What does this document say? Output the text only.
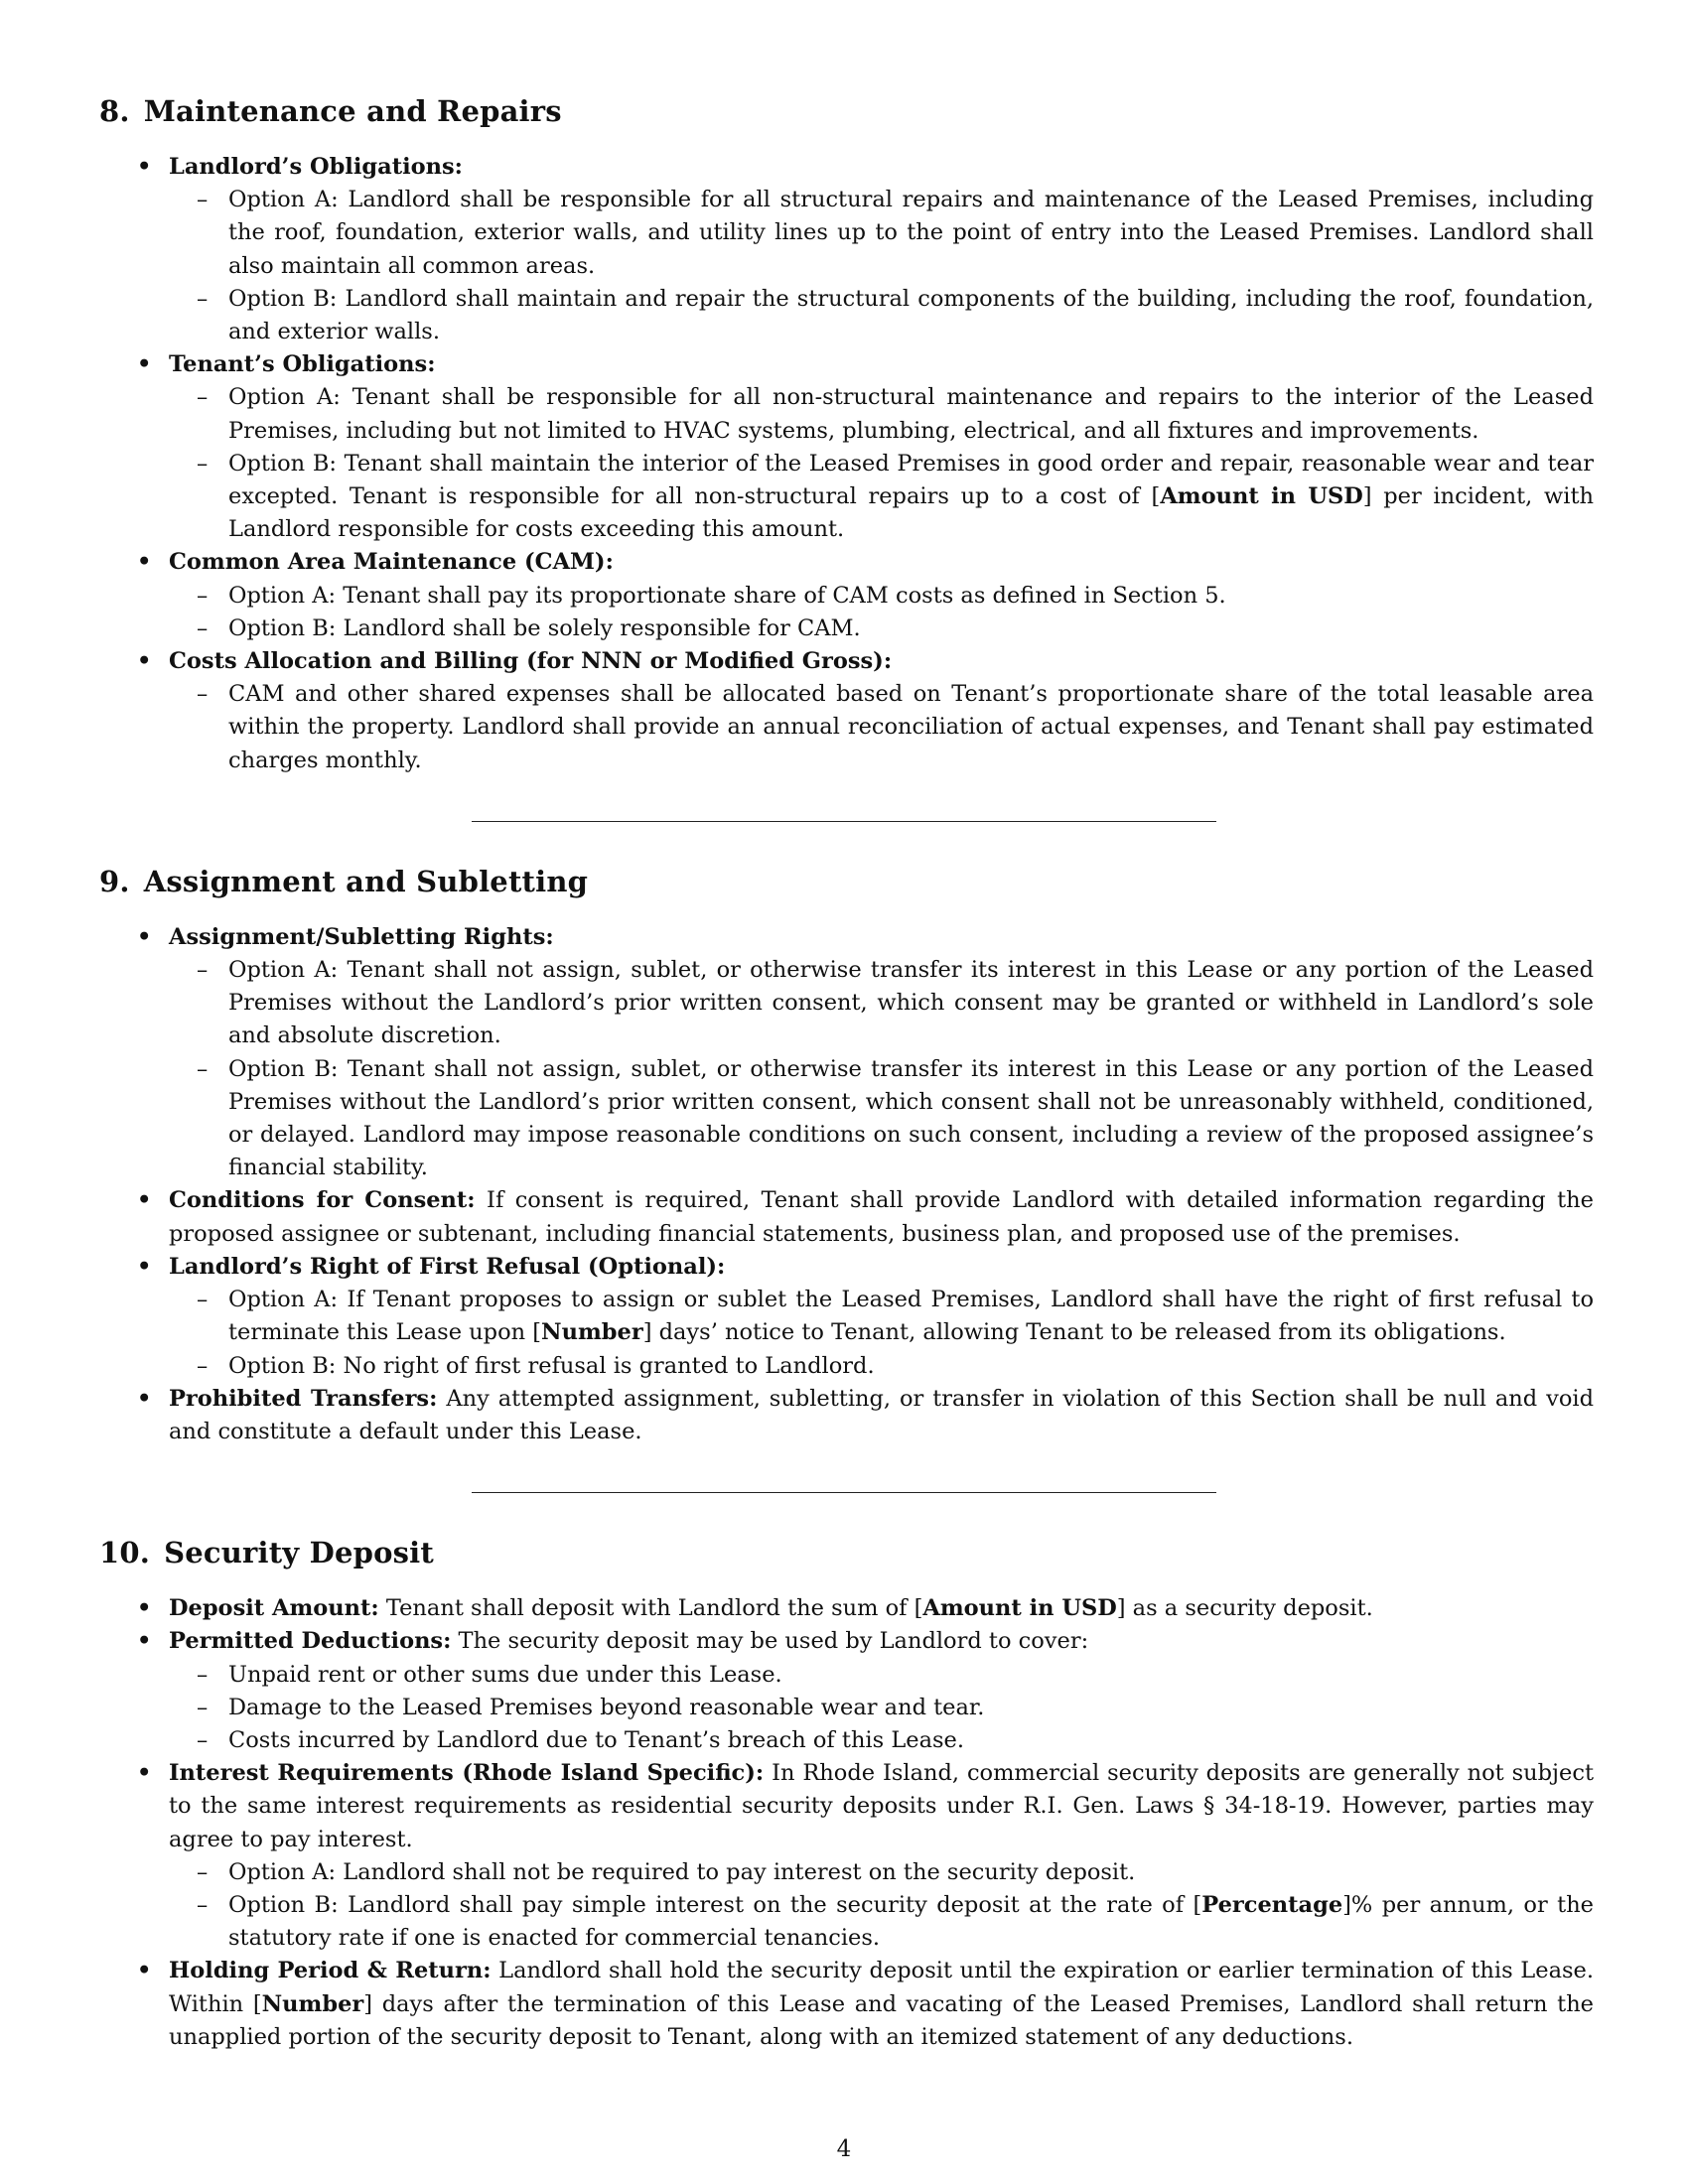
8. Maintenance and Repairs
• Landlord’s Obligations:
– Option A: Landlord shall be responsible for all structural repairs and maintenance of the Leased Premises, including the roof, foundation, exterior walls, and utility lines up to the point of entry into the Leased Premises. Landlord shall also maintain all common areas.
– Option B: Landlord shall maintain and repair the structural components of the building, including the roof, foundation, and exterior walls.
• Tenant’s Obligations:
– Option A: Tenant shall be responsible for all non-structural maintenance and repairs to the interior of the Leased Premises, including but not limited to HVAC systems, plumbing, electrical, and all fixtures and improvements.
– Option B: Tenant shall maintain the interior of the Leased Premises in good order and repair, reasonable wear and tear excepted. Tenant is responsible for all non-structural repairs up to a cost of [Amount in USD] per incident, with Landlord responsible for costs exceeding this amount.
• Common Area Maintenance (CAM):
– Option A: Tenant shall pay its proportionate share of CAM costs as defined in Section 5.
– Option B: Landlord shall be solely responsible for CAM.
• Costs Allocation and Billing (for NNN or Modified Gross):
– CAM and other shared expenses shall be allocated based on Tenant’s proportionate share of the total leasable area within the property. Landlord shall provide an annual reconciliation of actual expenses, and Tenant shall pay estimated charges monthly.
9. Assignment and Subletting
• Assignment/Subletting Rights:
– Option A: Tenant shall not assign, sublet, or otherwise transfer its interest in this Lease or any portion of the Leased Premises without the Landlord’s prior written consent, which consent may be granted or withheld in Landlord’s sole and absolute discretion.
– Option B: Tenant shall not assign, sublet, or otherwise transfer its interest in this Lease or any portion of the Leased Premises without the Landlord’s prior written consent, which consent shall not be unreasonably withheld, conditioned, or delayed. Landlord may impose reasonable conditions on such consent, including a review of the proposed assignee’s financial stability.
• Conditions for Consent: If consent is required, Tenant shall provide Landlord with detailed information regarding the proposed assignee or subtenant, including financial statements, business plan, and proposed use of the premises.
• Landlord’s Right of First Refusal (Optional):
– Option A: If Tenant proposes to assign or sublet the Leased Premises, Landlord shall have the right of first refusal to terminate this Lease upon [Number] days’ notice to Tenant, allowing Tenant to be released from its obligations.
– Option B: No right of first refusal is granted to Landlord.
• Prohibited Transfers: Any attempted assignment, subletting, or transfer in violation of this Section shall be null and void and constitute a default under this Lease.
10. Security Deposit
• Deposit Amount: Tenant shall deposit with Landlord the sum of [Amount in USD] as a security deposit.
• Permitted Deductions: The security deposit may be used by Landlord to cover:
– Unpaid rent or other sums due under this Lease.
– Damage to the Leased Premises beyond reasonable wear and tear.
– Costs incurred by Landlord due to Tenant’s breach of this Lease.
• Interest Requirements (Rhode Island Specific): In Rhode Island, commercial security deposits are generally not subject to the same interest requirements as residential security deposits under R.I. Gen. Laws § 34-18-19. However, parties may agree to pay interest.
– Option A: Landlord shall not be required to pay interest on the security deposit.
– Option B: Landlord shall pay simple interest on the security deposit at the rate of [Percentage]% per annum, or the statutory rate if one is enacted for commercial tenancies.
• Holding Period & Return: Landlord shall hold the security deposit until the expiration or earlier termination of this Lease. Within [Number] days after the termination of this Lease and vacating of the Leased Premises, Landlord shall return the unapplied portion of the security deposit to Tenant, along with an itemized statement of any deductions.
4
